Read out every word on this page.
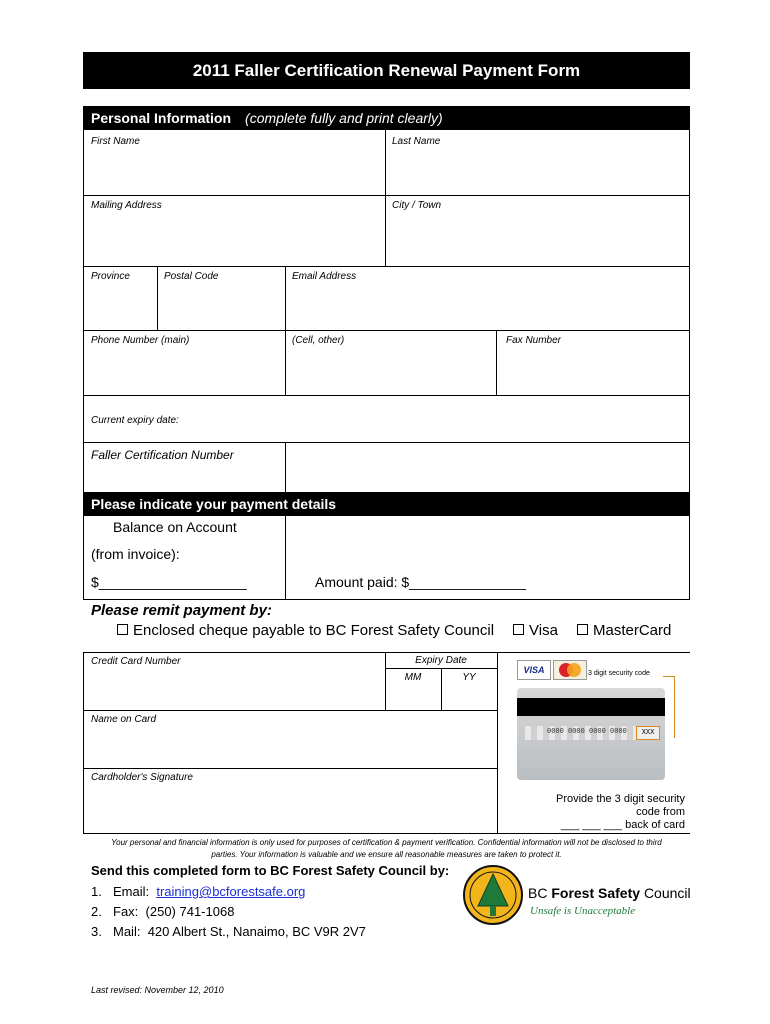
2011 Faller Certification Renewal Payment Form
Personal Information (complete fully and print clearly)
First Name	Last Name
Mailing Address	City / Town
Province	Postal Code	Email Address
Phone Number (main)	(Cell, other)	Fax Number
Current expiry date:
Faller Certification Number
Please indicate your payment details
Balance on Account
(from invoice):
$___________________	Amount paid: $_______________
Please remit payment by:
Enclosed cheque payable to BC Forest Safety Council	Visa	MasterCard
Credit Card Number	Expiry Date
MM	YY
Name on Card
Cardholder's Signature
VISA	3 digit security code
0000 0000 0000 0000	XXX
Provide the 3 digit security
code from
___ ___ ___ back of card
Your personal and financial information is only used for purposes of certification & payment verification. Confidential information will not be disclosed to third
parties. Your information is valuable and we ensure all reasonable measures are taken to protect it.
Send this completed form to BC Forest Safety Council by:
1. Email: training@bcforestsafe.org
2. Fax: (250) 741-1068
3. Mail: 420 Albert St., Nanaimo, BC V9R 2V7
BC Forest Safety Council
Unsafe is Unacceptable
Last revised: November 12, 2010
